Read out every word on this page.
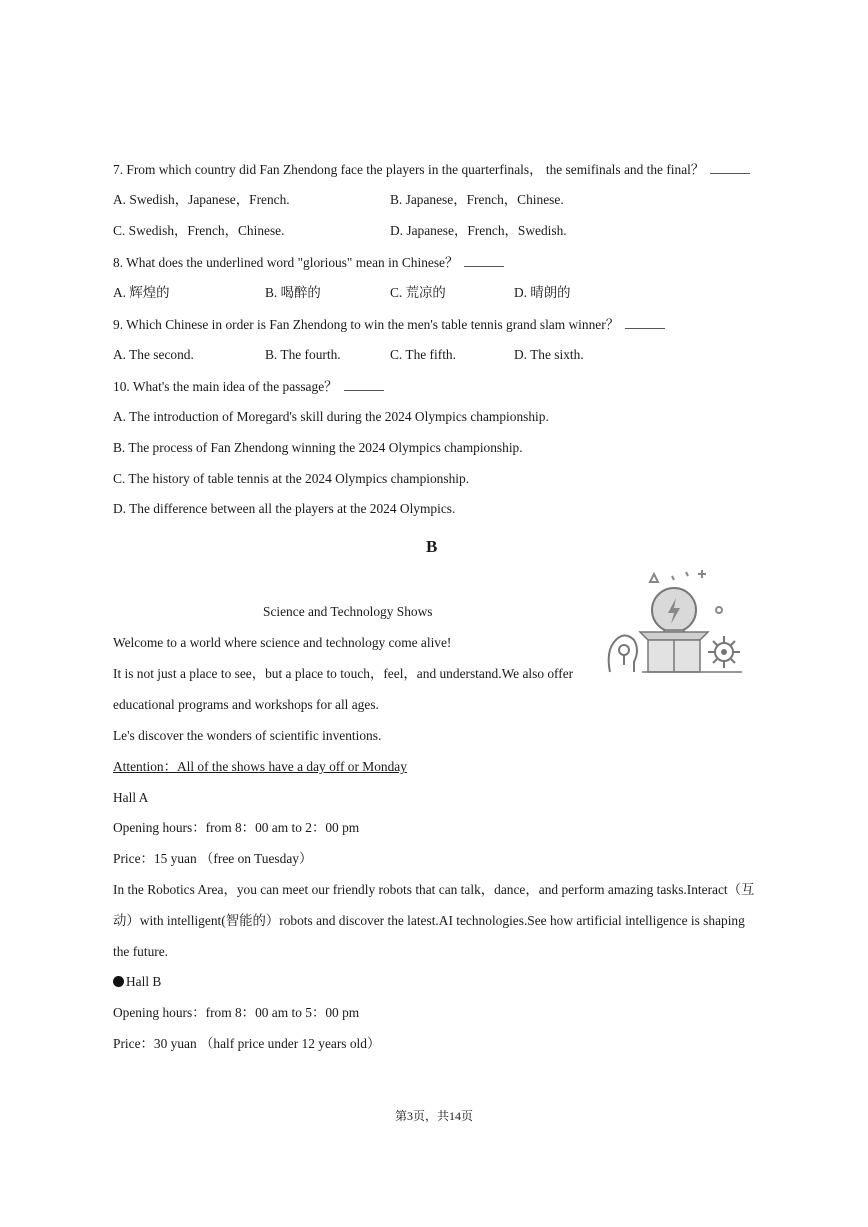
7. From which country did Fan Zhendong face the players in the quarterfinals， the semifinals and the final？
A. Swedish，Japanese，French.	B. Japanese，French，Chinese.
C. Swedish，French，Chinese.	D. Japanese，French，Swedish.
8. What does the underlined word "glorious" mean in Chinese？
A. 辉煌的	B. 喝醉的	C. 荒凉的	D. 晴朗的
9. Which Chinese in order is Fan Zhendong to win the men's table tennis grand slam winner？
A. The second.	B. The fourth.	C. The fifth.	D. The sixth.
10. What's the main idea of the passage？
A. The introduction of Moregard's skill during the 2024 Olympics championship.
B. The process of Fan Zhendong winning the 2024 Olympics championship.
C. The history of table tennis at the 2024 Olympics championship.
D. The difference between all the players at the 2024 Olympics.
B
Science and Technology Shows
Welcome to a world where science and technology come alive!
It is not just a place to see，but a place to touch，feel，and understand.We also offer
educational programs and workshops for all ages.
Le's discover the wonders of scientific inventions.
Attention：All of the shows have a day off or Monday
Hall A
Opening hours：from 8：00 am to 2：00 pm
Price：15 yuan （free on Tuesday）
In the Robotics Area，you can meet our friendly robots that can talk，dance，and perform amazing tasks.Interact（互
动）with intelligent(智能的）robots and discover the latest.AI technologies.See how artificial intelligence is shaping
the future.
Hall B
Opening hours：from 8：00 am to 5：00 pm
Price：30 yuan （half price under 12 years old）
第3页，共14页
